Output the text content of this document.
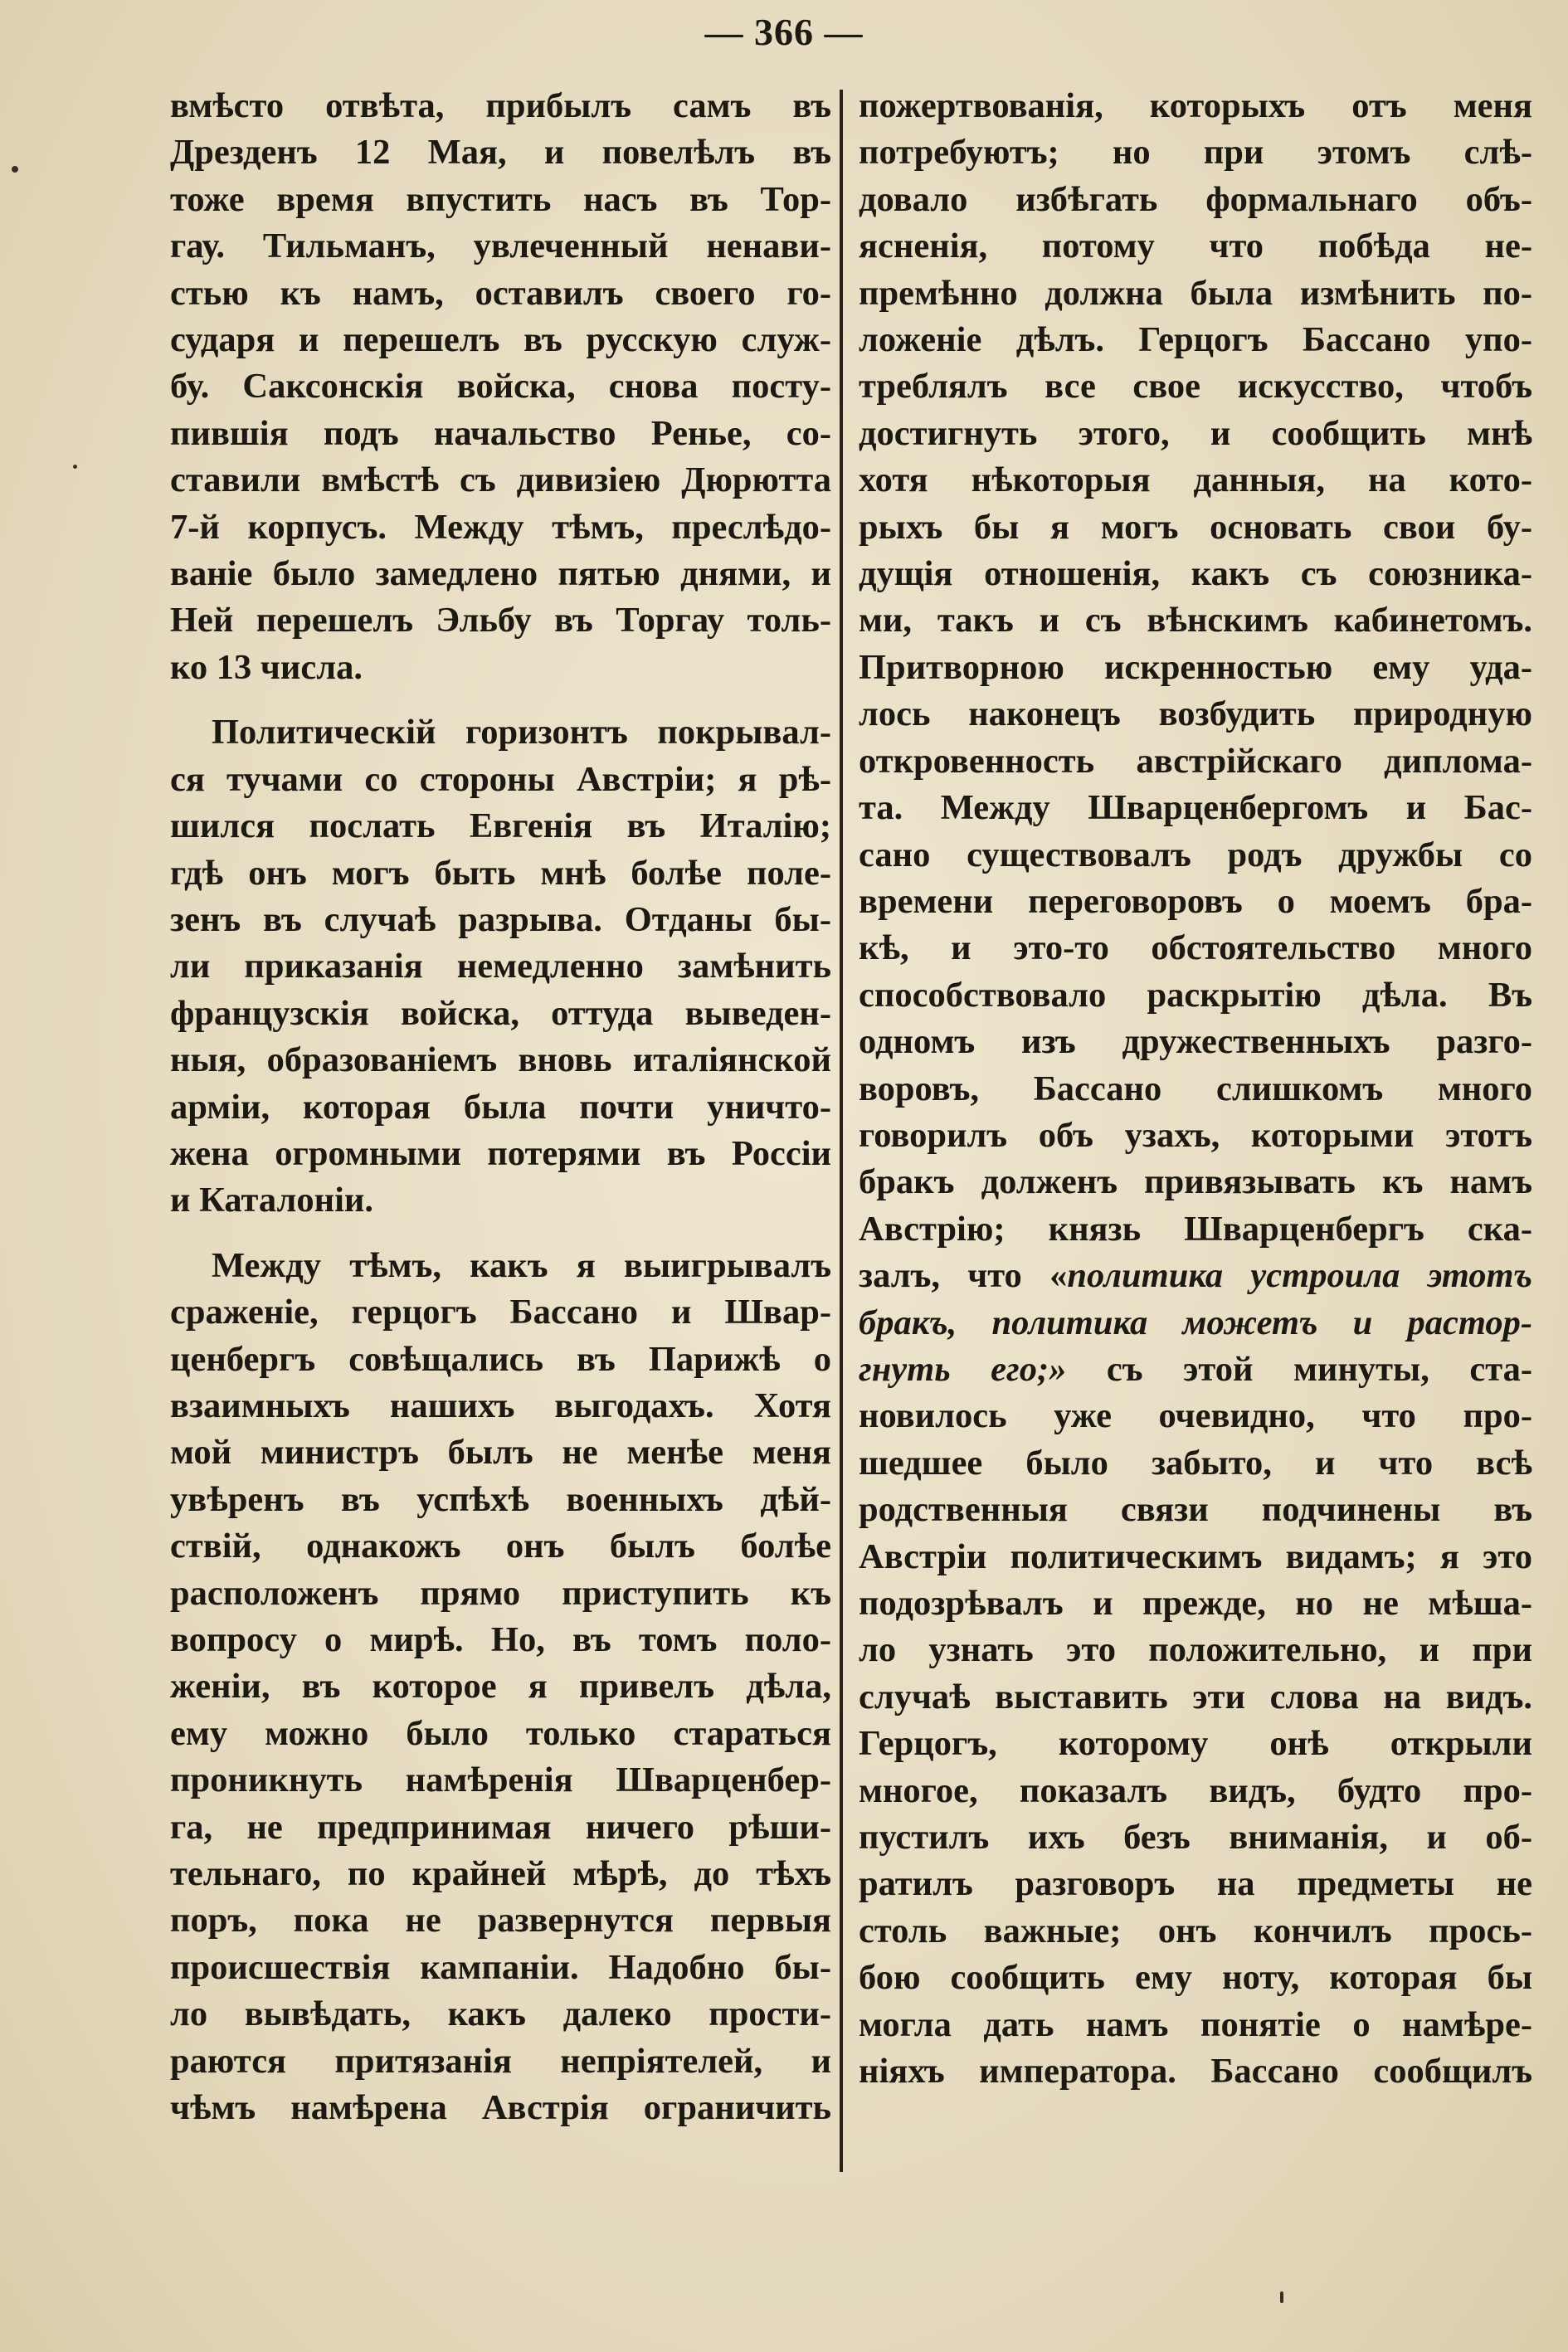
— 366 —
вмѣсто отвѣта, прибылъ самъ въ
Дрезденъ 12 Мая, и повелѣлъ въ
тоже время впустить насъ въ Тор-
гау. Тильманъ, увлеченный ненави-
стью къ намъ, оставилъ своего го-
сударя и перешелъ въ русскую служ-
бу. Саксонскія войска, снова посту-
пившія подъ начальство Ренье, со-
ставили вмѣстѣ съ дивизіею Дюрютта
7-й корпусъ. Между тѣмъ, преслѣдо-
ваніе было замедлено пятью днями, и
Ней перешелъ Эльбу въ Торгау толь-
ко 13 числа.
Политическій горизонтъ покрывал-
ся тучами со стороны Австріи; я рѣ-
шился послать Евгенія въ Италію;
гдѣ онъ могъ быть мнѣ болѣе поле-
зенъ въ случаѣ разрыва. Отданы бы-
ли приказанія немедленно замѣнить
французскія войска, оттуда выведен-
ныя, образованіемъ вновь италіянской
арміи, которая была почти уничто-
жена огромными потерями въ Россіи
и Каталоніи.
Между тѣмъ, какъ я выигрывалъ
сраженіе, герцогъ Бассано и Швар-
ценбергъ совѣщались въ Парижѣ о
взаимныхъ нашихъ выгодахъ. Хотя
мой министръ былъ не менѣе меня
увѣренъ въ успѣхѣ военныхъ дѣй-
ствій, однакожъ онъ былъ болѣе
расположенъ прямо приступить къ
вопросу о мирѣ. Но, въ томъ поло-
женіи, въ которое я привелъ дѣла,
ему можно было только стараться
проникнуть намѣренія Шварценбер-
га, не предпринимая ничего рѣши-
тельнаго, по крайней мѣрѣ, до тѣхъ
поръ, пока не развернутся первыя
происшествія кампаніи. Надобно бы-
ло вывѣдать, какъ далеко прости-
раются притязанія непріятелей, и
чѣмъ намѣрена Австрія ограничить
пожертвованія, которыхъ отъ меня
потребуютъ; но при этомъ слѣ-
довало избѣгать формальнаго объ-
ясненія, потому что побѣда не-
премѣнно должна была измѣнить по-
ложеніе дѣлъ. Герцогъ Бассано упо-
треблялъ все свое искусство, чтобъ
достигнуть этого, и сообщить мнѣ
хотя нѣкоторыя данныя, на кото-
рыхъ бы я могъ основать свои бу-
дущія отношенія, какъ съ союзника-
ми, такъ и съ вѣнскимъ кабинетомъ.
Притворною искренностью ему уда-
лось наконецъ возбудить природную
откровенность австрійскаго диплома-
та. Между Шварценбергомъ и Бас-
сано существовалъ родъ дружбы со
времени переговоровъ о моемъ бра-
кѣ, и это-то обстоятельство много
способствовало раскрытію дѣла. Въ
одномъ изъ дружественныхъ разго-
воровъ, Бассано слишкомъ много
говорилъ объ узахъ, которыми этотъ
бракъ долженъ привязывать къ намъ
Австрію; князь Шварценбергъ ска-
залъ, что «политика устроила этотъ
бракъ, политика можетъ и растор-
гнуть его;» съ этой минуты, ста-
новилось уже очевидно, что про-
шедшее было забыто, и что всѣ
родственныя связи подчинены въ
Австріи политическимъ видамъ; я это
подозрѣвалъ и прежде, но не мѣша-
ло узнать это положительно, и при
случаѣ выставить эти слова на видъ.
Герцогъ, которому онѣ открыли
многое, показалъ видъ, будто про-
пустилъ ихъ безъ вниманія, и об-
ратилъ разговоръ на предметы не
столь важные; онъ кончилъ прось-
бою сообщить ему ноту, которая бы
могла дать намъ понятіе о намѣре-
ніяхъ императора. Бассано сообщилъ
